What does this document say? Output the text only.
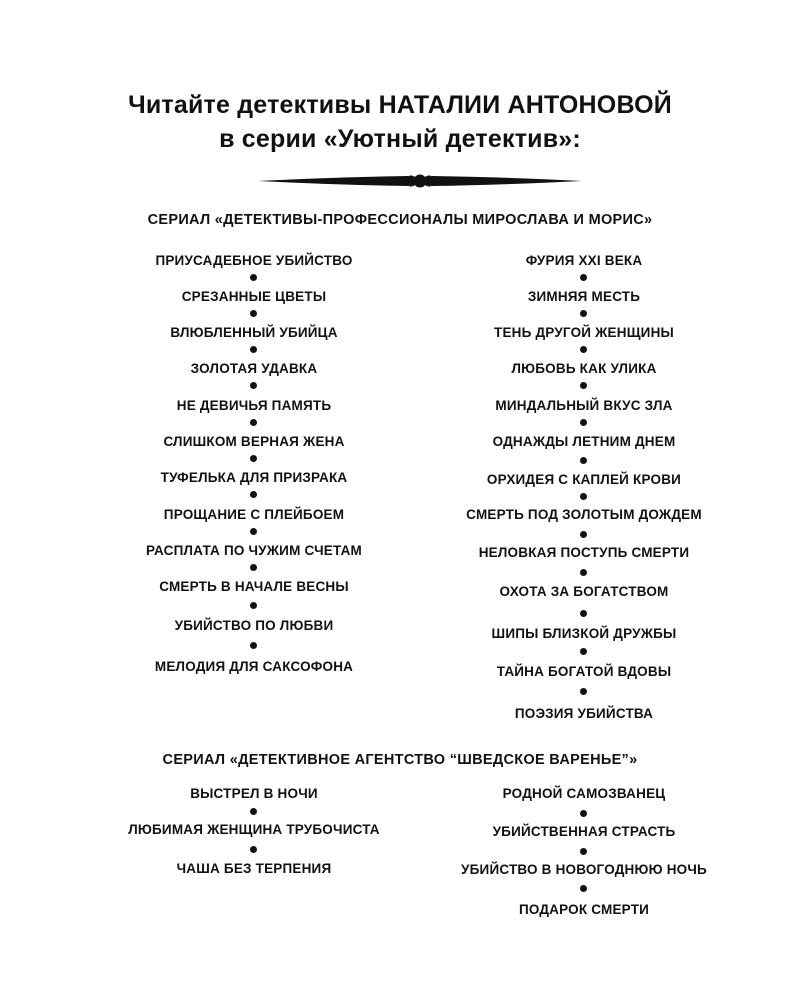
Читайте детективы НАТАЛИИ АНТОНОВОЙ
в серии «Уютный детектив»:
СЕРИАЛ «ДЕТЕКТИВЫ-ПРОФЕССИОНАЛЫ МИРОСЛАВА И МОРИС»
ПРИУСАДЕБНОЕ УБИЙСТВО
СРЕЗАННЫЕ ЦВЕТЫ
ВЛЮБЛЕННЫЙ УБИЙЦА
ЗОЛОТАЯ УДАВКА
НЕ ДЕВИЧЬЯ ПАМЯТЬ
СЛИШКОМ ВЕРНАЯ ЖЕНА
ТУФЕЛЬКА ДЛЯ ПРИЗРАКА
ПРОЩАНИЕ С ПЛЕЙБОЕМ
РАСПЛАТА ПО ЧУЖИМ СЧЕТАМ
СМЕРТЬ В НАЧАЛЕ ВЕСНЫ
УБИЙСТВО ПО ЛЮБВИ
МЕЛОДИЯ ДЛЯ САКСОФОНА
ФУРИЯ XXI ВЕКА
ЗИМНЯЯ МЕСТЬ
ТЕНЬ ДРУГОЙ ЖЕНЩИНЫ
ЛЮБОВЬ КАК УЛИКА
МИНДАЛЬНЫЙ ВКУС ЗЛА
ОДНАЖДЫ ЛЕТНИМ ДНЕМ
ОРХИДЕЯ С КАПЛЕЙ КРОВИ
СМЕРТЬ ПОД ЗОЛОТЫМ ДОЖДЕМ
НЕЛОВКАЯ ПОСТУПЬ СМЕРТИ
ОХОТА ЗА БОГАТСТВОМ
ШИПЫ БЛИЗКОЙ ДРУЖБЫ
ТАЙНА БОГАТОЙ ВДОВЫ
ПОЭЗИЯ УБИЙСТВА
СЕРИАЛ «ДЕТЕКТИВНОЕ АГЕНТСТВО “ШВЕДСКОЕ ВАРЕНЬЕ”»
ВЫСТРЕЛ В НОЧИ
ЛЮБИМАЯ ЖЕНЩИНА ТРУБОЧИСТА
ЧАША БЕЗ ТЕРПЕНИЯ
РОДНОЙ САМОЗВАНЕЦ
УБИЙСТВЕННАЯ СТРАСТЬ
УБИЙСТВО В НОВОГОДНЮЮ НОЧЬ
ПОДАРОК СМЕРТИ
